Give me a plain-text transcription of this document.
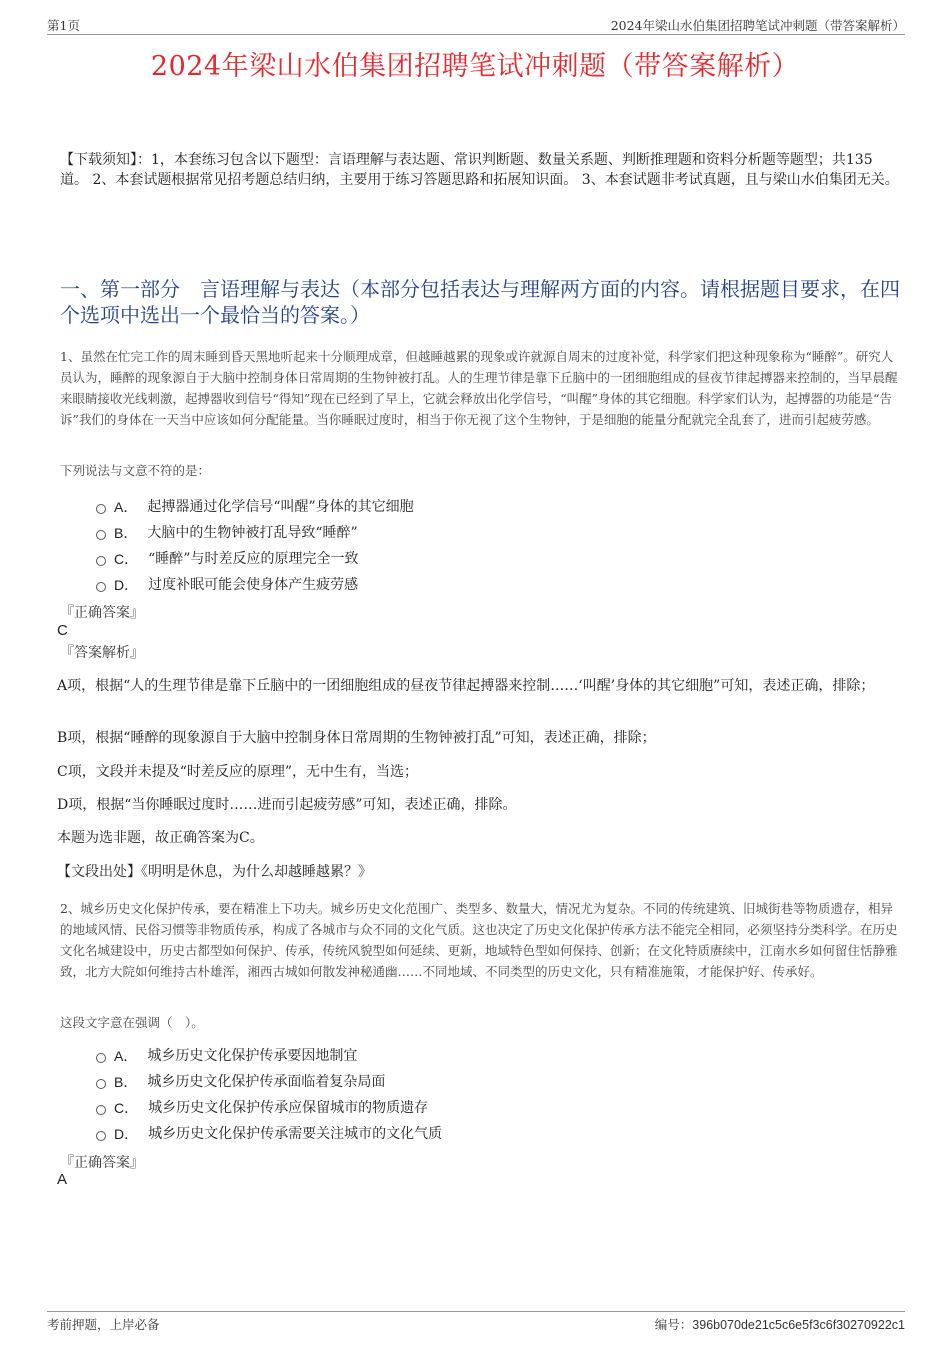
第1页	2024年梁山水伯集团招聘笔试冲刺题（带答案解析）
2024年梁山水伯集团招聘笔试冲刺题（带答案解析）
【下载须知】：1，本套练习包含以下题型：言语理解与表达题、常识判断题、数量关系题、判断推理题和资料分析题等题型；共135道。 2、本套试题根据常见招考题总结归纳，主要用于练习答题思路和拓展知识面。 3、本套试题非考试真题，且与梁山水伯集团无关。
一、第一部分　言语理解与表达（本部分包括表达与理解两方面的内容。请根据题目要求，在四个选项中选出一个最恰当的答案。）
1、虽然在忙完工作的周末睡到昏天黑地听起来十分顺理成章，但越睡越累的现象或许就源自周末的过度补觉，科学家们把这种现象称为“睡醉”。研究人员认为，睡醉的现象源自于大脑中控制身体日常周期的生物钟被打乱。人的生理节律是靠下丘脑中的一团细胞组成的昼夜节律起搏器来控制的，当早晨醒来眼睛接收光线刺激，起搏器收到信号“得知”现在已经到了早上，它就会释放出化学信号，“叫醒”身体的其它细胞。科学家们认为，起搏器的功能是“告诉”我们的身体在一天当中应该如何分配能量。当你睡眠过度时，相当于你无视了这个生物钟，于是细胞的能量分配就完全乱套了，进而引起疲劳感。
下列说法与文意不符的是：
A． 起搏器通过化学信号“叫醒”身体的其它细胞
B． 大脑中的生物钟被打乱导致“睡醉”
C． “睡醉”与时差反应的原理完全一致
D． 过度补眠可能会使身体产生疲劳感
『正确答案』
C
『答案解析』
A项，根据“人的生理节律是靠下丘脑中的一团细胞组成的昼夜节律起搏器来控制……‘叫醒’身体的其它细胞”可知，表述正确，排除；
B项，根据“睡醉的现象源自于大脑中控制身体日常周期的生物钟被打乱”可知，表述正确，排除；
C项，文段并未提及“时差反应的原理”，无中生有，当选；
D项，根据“当你睡眠过度时……进而引起疲劳感”可知，表述正确，排除。
本题为选非题，故正确答案为C。
【文段出处】《明明是休息，为什么却越睡越累？》
2、城乡历史文化保护传承，要在精准上下功夫。城乡历史文化范围广、类型多、数量大，情况尤为复杂。不同的传统建筑、旧城街巷等物质遗存，相异的地域风情、民俗习惯等非物质传承，构成了各城市与众不同的文化气质。这也决定了历史文化保护传承方法不能完全相同，必须坚持分类科学。在历史文化名城建设中，历史古都型如何保护、传承，传统风貌型如何延续、更新，地域特色型如何保持、创新；在文化特质赓续中，江南水乡如何留住恬静雅致，北方大院如何维持古朴雄浑，湘西古城如何散发神秘通幽……不同地域、不同类型的历史文化，只有精准施策，才能保护好、传承好。
这段文字意在强调（　）。
A． 城乡历史文化保护传承要因地制宜
B． 城乡历史文化保护传承面临着复杂局面
C． 城乡历史文化保护传承应保留城市的物质遗存
D． 城乡历史文化保护传承需要关注城市的文化气质
『正确答案』
A
考前押题，上岸必备	编号：396b070de21c5c6e5f3c6f30270922c1
